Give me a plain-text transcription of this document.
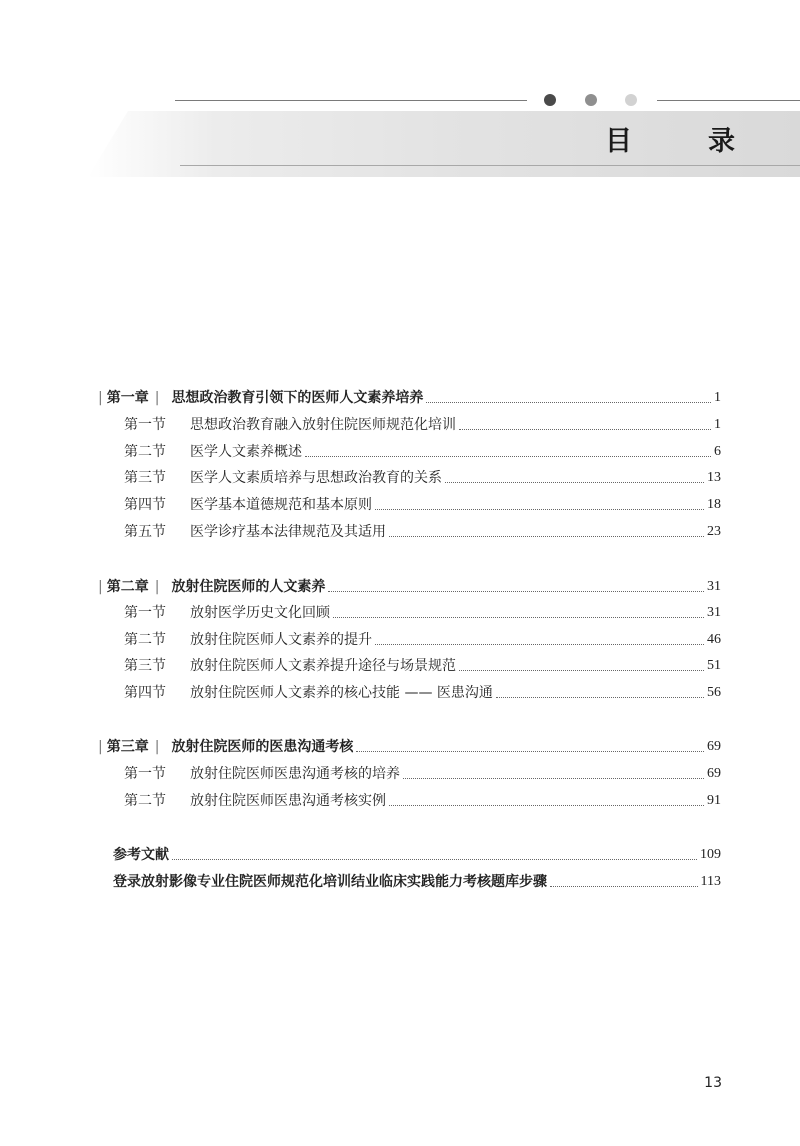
目	录
| 第一章 | 思想政治教育引领下的医师人文素养培养	1
第一节	思想政治教育融入放射住院医师规范化培训	1
第二节	医学人文素养概述	6
第三节	医学人文素质培养与思想政治教育的关系	13
第四节	医学基本道德规范和基本原则	18
第五节	医学诊疗基本法律规范及其适用	23
| 第二章 | 放射住院医师的人文素养	31
第一节	放射医学历史文化回顾	31
第二节	放射住院医师人文素养的提升	46
第三节	放射住院医师人文素养提升途径与场景规范	51
第四节	放射住院医师人文素养的核心技能 —— 医患沟通	56
| 第三章 | 放射住院医师的医患沟通考核	69
第一节	放射住院医师医患沟通考核的培养	69
第二节	放射住院医师医患沟通考核实例	91
参考文献	109
登录放射影像专业住院医师规范化培训结业临床实践能力考核题库步骤	113
13
